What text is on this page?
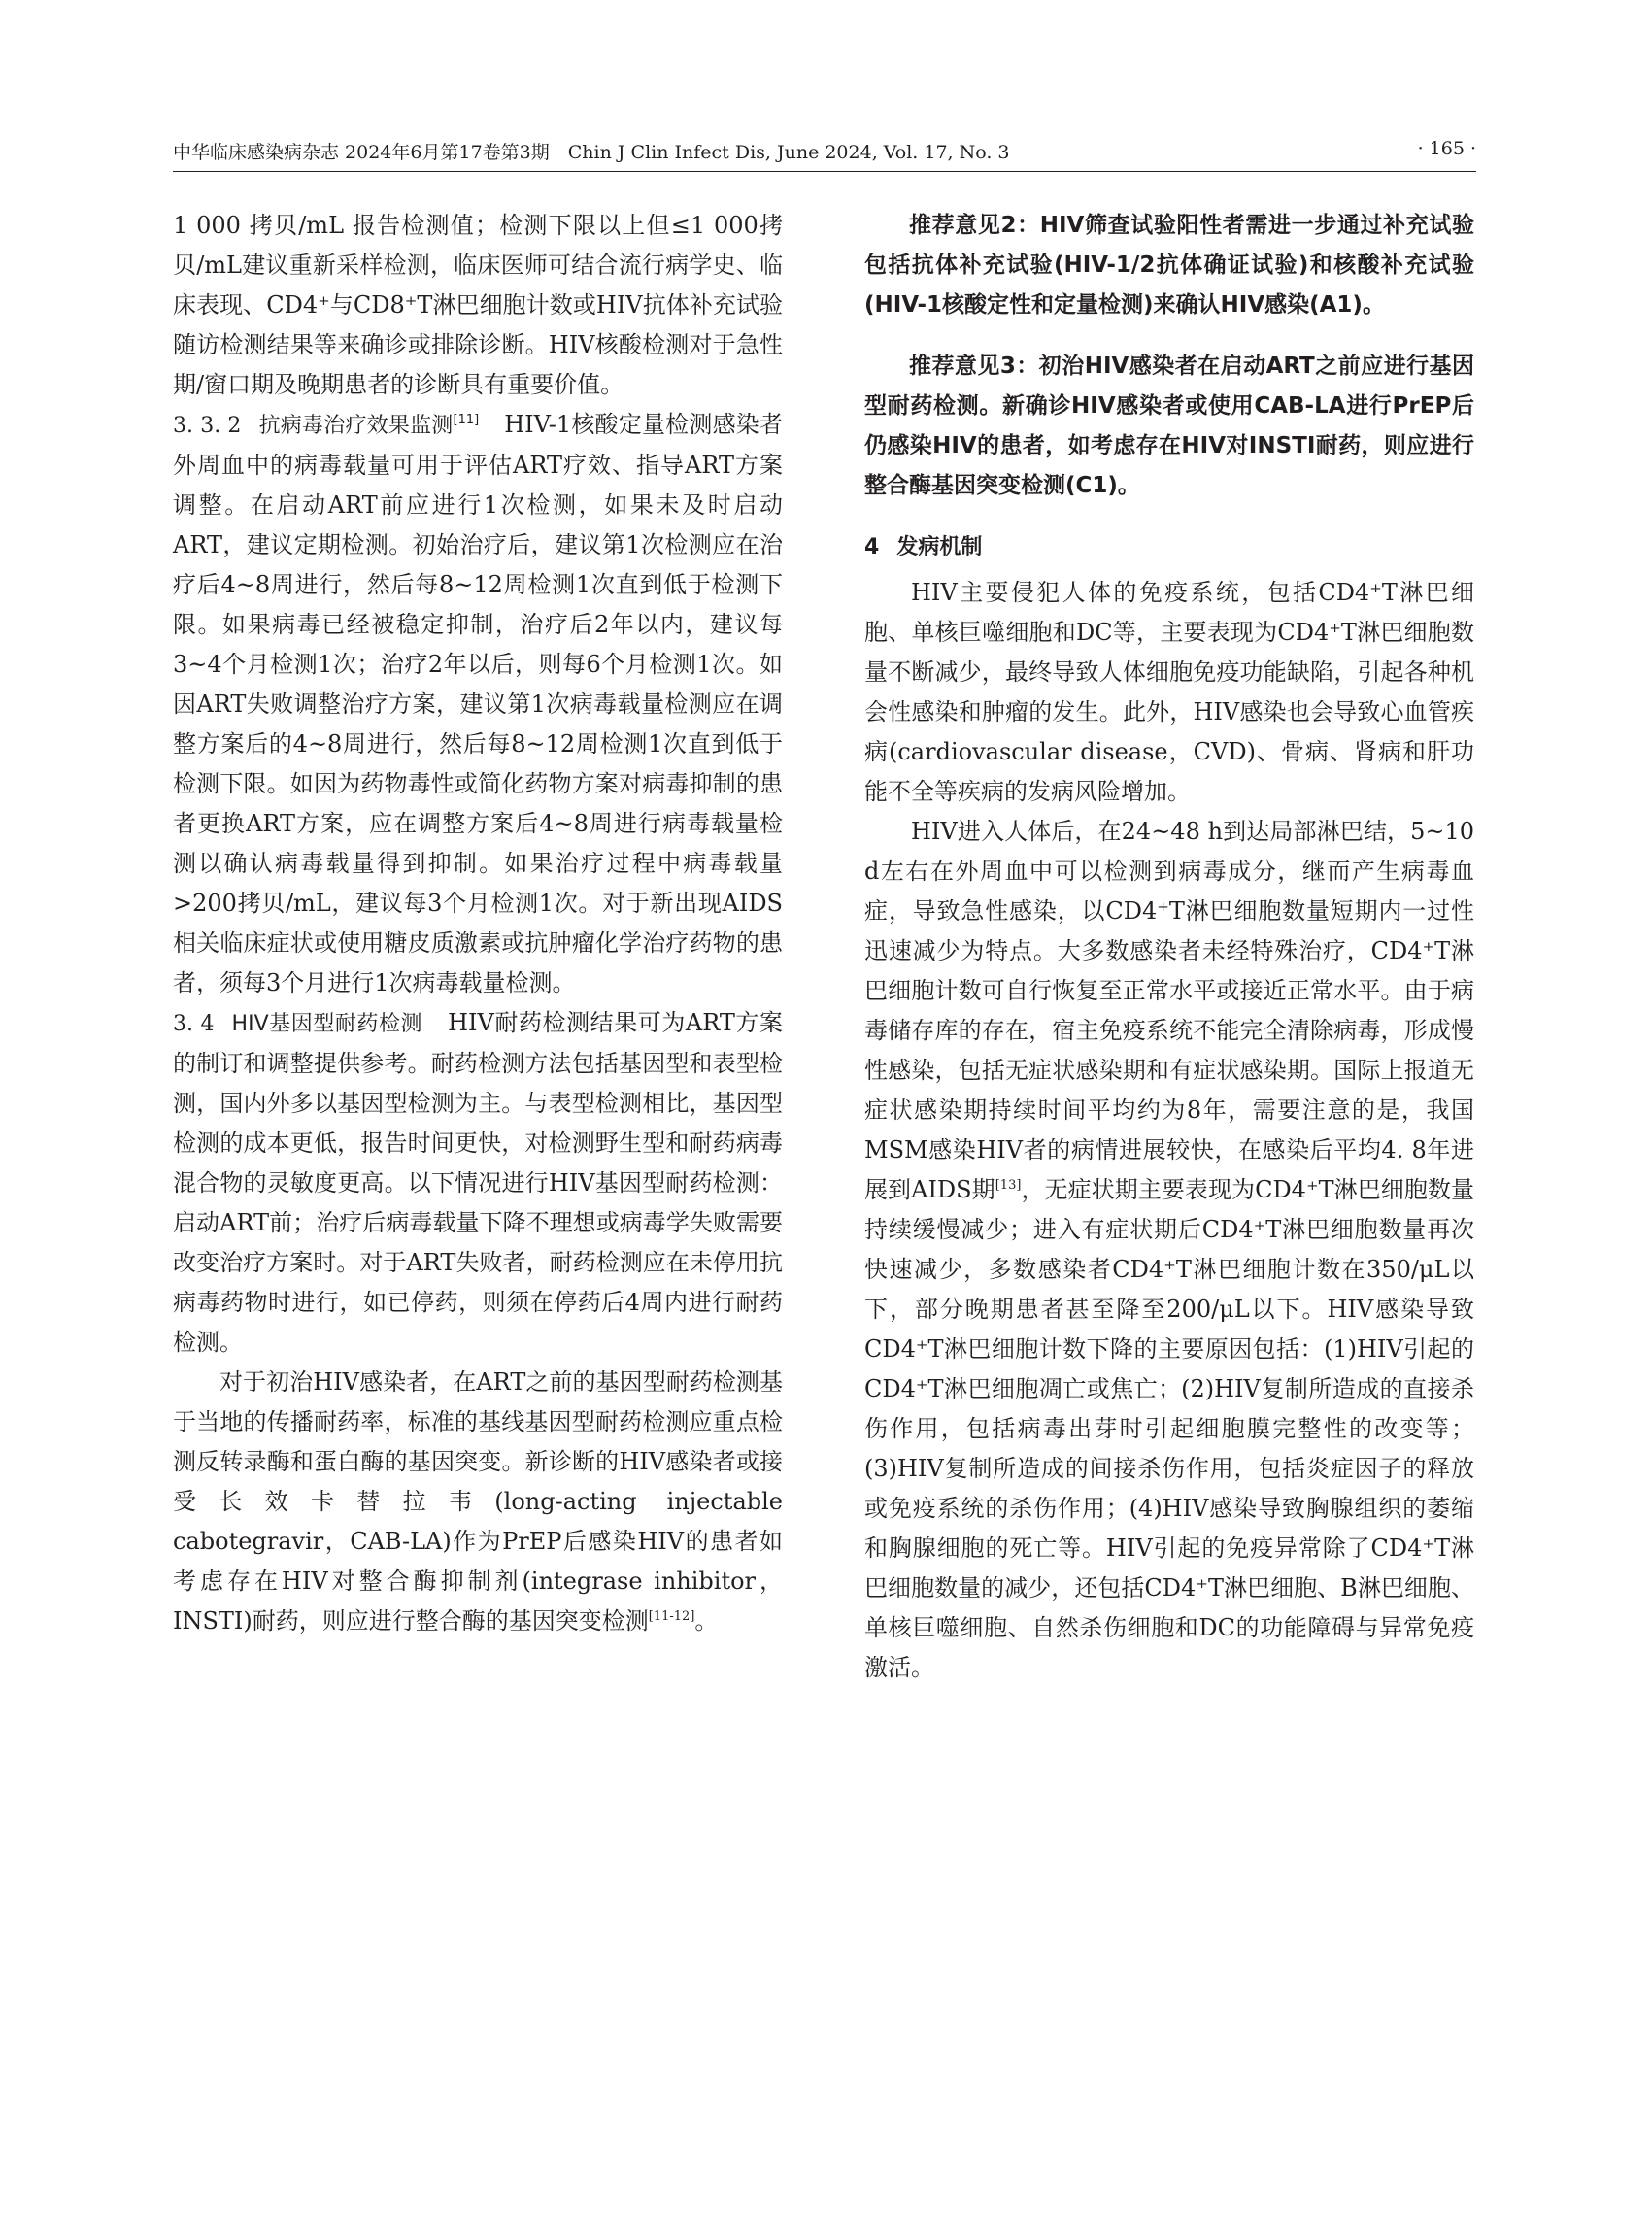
中华临床感染病杂志 2024年6月第17卷第3期　Chin J Clin Infect Dis, June 2024, Vol. 17, No. 3	· 165 ·

1 000 拷贝/mL 报告检测值；检测下限以上但≤1 000拷贝/mL建议重新采样检测，临床医师可结合流行病学史、临床表现、CD4⁺与CD8⁺T淋巴细胞计数或HIV抗体补充试验随访检测结果等来确诊或排除诊断。HIV核酸检测对于急性期/窗口期及晚期患者的诊断具有重要价值。

3. 3. 2 抗病毒治疗效果监测[11] HIV-1核酸定量检测感染者外周血中的病毒载量可用于评估ART疗效、指导ART方案调整。在启动ART前应进行1次检测，如果未及时启动ART，建议定期检测。初始治疗后，建议第1次检测应在治疗后4~8周进行，然后每8~12周检测1次直到低于检测下限。如果病毒已经被稳定抑制，治疗后2年以内，建议每3~4个月检测1次；治疗2年以后，则每6个月检测1次。如因ART失败调整治疗方案，建议第1次病毒载量检测应在调整方案后的4~8周进行，然后每8~12周检测1次直到低于检测下限。如因为药物毒性或简化药物方案对病毒抑制的患者更换ART方案，应在调整方案后4~8周进行病毒载量检测以确认病毒载量得到抑制。如果治疗过程中病毒载量>200拷贝/mL，建议每3个月检测1次。对于新出现AIDS相关临床症状或使用糖皮质激素或抗肿瘤化学治疗药物的患者，须每3个月进行1次病毒载量检测。

3. 4 HIV基因型耐药检测 HIV耐药检测结果可为ART方案的制订和调整提供参考。耐药检测方法包括基因型和表型检测，国内外多以基因型检测为主。与表型检测相比，基因型检测的成本更低，报告时间更快，对检测野生型和耐药病毒混合物的灵敏度更高。以下情况进行HIV基因型耐药检测：启动ART前；治疗后病毒载量下降不理想或病毒学失败需要改变治疗方案时。对于ART失败者，耐药检测应在未停用抗病毒药物时进行，如已停药，则须在停药后4周内进行耐药检测。

对于初治HIV感染者，在ART之前的基因型耐药检测基于当地的传播耐药率，标准的基线基因型耐药检测应重点检测反转录酶和蛋白酶的基因突变。新诊断的HIV感染者或接受长效卡替拉韦(long-acting injectable cabotegravir，CAB-LA)作为PrEP后感染HIV的患者如考虑存在HIV对整合酶抑制剂(integrase inhibitor，INSTI)耐药，则应进行整合酶的基因突变检测[11-12]。

推荐意见2：HIV筛查试验阳性者需进一步通过补充试验包括抗体补充试验(HIV-1/2抗体确证试验)和核酸补充试验(HIV-1核酸定性和定量检测)来确认HIV感染(A1)。

推荐意见3：初治HIV感染者在启动ART之前应进行基因型耐药检测。新确诊HIV感染者或使用CAB-LA进行PrEP后仍感染HIV的患者，如考虑存在HIV对INSTI耐药，则应进行整合酶基因突变检测(C1)。

4 发病机制

HIV主要侵犯人体的免疫系统，包括CD4⁺T淋巴细胞、单核巨噬细胞和DC等，主要表现为CD4⁺T淋巴细胞数量不断减少，最终导致人体细胞免疫功能缺陷，引起各种机会性感染和肿瘤的发生。此外，HIV感染也会导致心血管疾病(cardiovascular disease，CVD)、骨病、肾病和肝功能不全等疾病的发病风险增加。

HIV进入人体后，在24~48 h到达局部淋巴结，5~10 d左右在外周血中可以检测到病毒成分，继而产生病毒血症，导致急性感染，以CD4⁺T淋巴细胞数量短期内一过性迅速减少为特点。大多数感染者未经特殊治疗，CD4⁺T淋巴细胞计数可自行恢复至正常水平或接近正常水平。由于病毒储存库的存在，宿主免疫系统不能完全清除病毒，形成慢性感染，包括无症状感染期和有症状感染期。国际上报道无症状感染期持续时间平均约为8年，需要注意的是，我国MSM感染HIV者的病情进展较快，在感染后平均4. 8年进展到AIDS期[13]，无症状期主要表现为CD4⁺T淋巴细胞数量持续缓慢减少；进入有症状期后CD4⁺T淋巴细胞数量再次快速减少，多数感染者CD4⁺T淋巴细胞计数在350/μL以下，部分晚期患者甚至降至200/μL以下。HIV感染导致CD4⁺T淋巴细胞计数下降的主要原因包括：(1)HIV引起的CD4⁺T淋巴细胞凋亡或焦亡；(2)HIV复制所造成的直接杀伤作用，包括病毒出芽时引起细胞膜完整性的改变等；(3)HIV复制所造成的间接杀伤作用，包括炎症因子的释放或免疫系统的杀伤作用；(4)HIV感染导致胸腺组织的萎缩和胸腺细胞的死亡等。HIV引起的免疫异常除了CD4⁺T淋巴细胞数量的减少，还包括CD4⁺T淋巴细胞、B淋巴细胞、单核巨噬细胞、自然杀伤细胞和DC的功能障碍与异常免疫激活。
